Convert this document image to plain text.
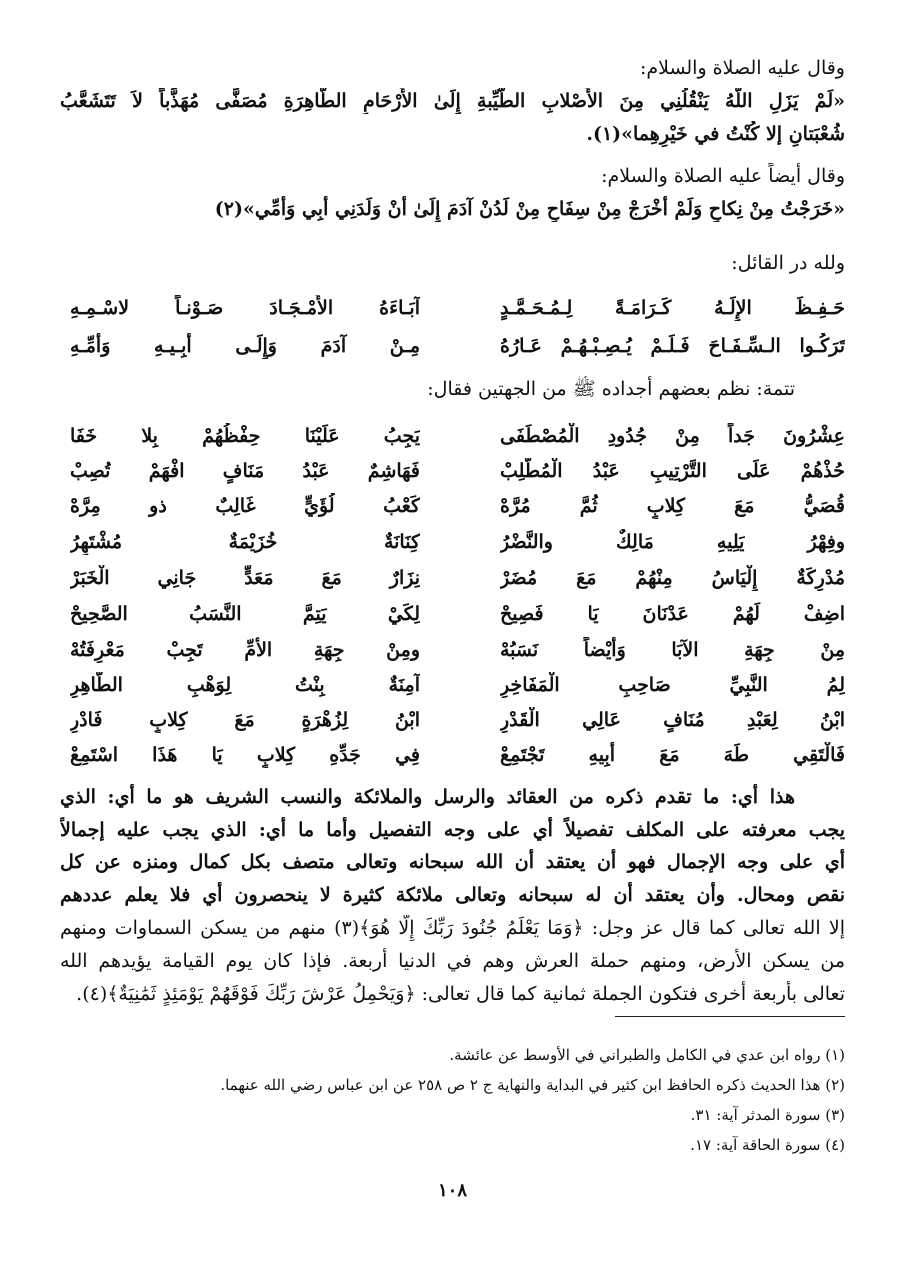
وقال عليه الصلاة والسلام:
«لَمْ يَزَلِ اللَّهُ يَنْقُلُنِي مِنَ الأَصْلابِ الطَّيِّبةِ إِلَىٰ الأَرْحَامِ الطَّاهِرَةِ مُصَفًّى مُهَذَّباً لاَ تَتَشَعَّبُ
شُعْبَتانِ إلا كُنْتُ في خَيْرِهِما»(١).
وقال أيضاً عليه الصلاة والسلام:
«خَرَجْتُ مِنْ نِكاحٍ وَلَمْ أُخْرَجْ مِنْ سِفَاحٍ مِنْ لَدُنْ آدَمَ إِلَىٰ أَنْ وَلَدَنِي أَبِي وَأُمِّي»(٢)
ولله در القائل:
حَـفِـظَ الإِلَـهُ كَـرَامَـةً لِـمُـحَـمَّـدٍ
آبَـاءَهُ الأَمْـجَـادَ صَـوْنـاً لاسْـمِـهِ
تَرَكُـوا الـسِّـفَـاحَ فَـلَـمْ يُـصِـبْـهُـمْ عَـارُهُ
مِـنْ آدَمَ وَإِلَـى أَبِـيـهِ وَأُمِّـهِ
تتمة: نظم بعضهم أجداده ﷺ من الجهتين فقال:
عِشْرُونَ جَداً مِنْ جُدُودِ الْمُصْطَفَى
يَجِبُ عَلَيْنَا حِفْظُهُمْ بِلا خَفَا
حُذْهُمْ عَلَى التَّرْتِيبِ عَبْدُ الْمُطَّلِبْ
فَهَاشِمٌ عَبْدُ مَنَافٍ افْهَمْ تُصِبْ
قُصَيُّ مَعَ كِلابٍ ثُمَّ مُرَّهْ
كَعْبُ لُؤَيٍّ غَالِبٌ ذو مِرَّهْ
وفِهْرُ يَلِيهِ مَالِكٌ والنَّضْرُ
كِنَانَةٌ خُزَيْمَةٌ مُشْتَهِرُ
مُدْرِكَةٌ إِلْيَاسُ مِنْهُمْ مَعَ مُضَرْ
نِزَارٌ مَعَ مَعَدٍّ جَانِي الْخَبَرْ
اضِفْ لَهُمْ عَدْنَانَ يَا فَصِيحْ
لِكَيْ يَتِمَّ النَّسَبُ الصَّحِيحْ
مِنْ جِهَةِ الآبَا وَأيْضاً نَسَبُهْ
ومِنْ جِهَةِ الأمِّ تَجِبْ مَعْرِفَتُهْ
لِمُ النَّبِيِّ صَاحِبِ الْمَفَاخِرِ
آمِنَةٌ بِنْتُ لِوَهْبِ الطَّاهِرِ
ابْنُ لِعَبْدِ مُنَافٍ عَالِي الْقَدْرِ
ابْنُ لِزُهْرَةٍ مَعَ كِلابٍ فَادْرِ
فَالْتَقِي طَهَ مَعَ أَبِيهِ تَجْتَمِعْ
فِي جَدِّهِ كِلابٍ يَا هَذَا اسْتَمِعْ
هذا أي: ما تقدم ذكره من العقائد والرسل والملائكة والنسب الشريف هو ما أي: الذي
يجب معرفته على المكلف تفصيلاً أي على وجه التفصيل وأما ما أي: الذي يجب عليه إجمالاً
أي على وجه الإجمال فهو أن يعتقد أن الله سبحانه وتعالى متصف بكل كمال ومنزه عن كل
نقص ومحال. وأن يعتقد أن له سبحانه وتعالى ملائكة كثيرة لا ينحصرون أي فلا يعلم عددهم
إلا الله تعالى كما قال عز وجل: ﴿وَمَا يَعْلَمُ جُنُودَ رَبِّكَ إِلَّا هُوَ﴾(٣) منهم من يسكن السماوات ومنهم
من يسكن الأرض، ومنهم حملة العرش وهم في الدنيا أربعة. فإذا كان يوم القيامة يؤيدهم الله
تعالى بأربعة أخرى فتكون الجملة ثمانية كما قال تعالى: ﴿وَيَحْمِلُ عَرْشَ رَبِّكَ فَوْقَهُمْ يَوْمَئِذٍ ثَمَٰنِيَةٌ﴾(٤).
(١) رواه ابن عدي في الكامل والطبراني في الأوسط عن عائشة.
(٢) هذا الحديث ذكره الحافظ ابن كثير في البداية والنهاية ج ٢ ص ٢٥٨ عن ابن عباس رضي الله عنهما.
(٣) سورة المدثر آية: ٣١.
(٤) سورة الحاقة آية: ١٧.
١٠٨
